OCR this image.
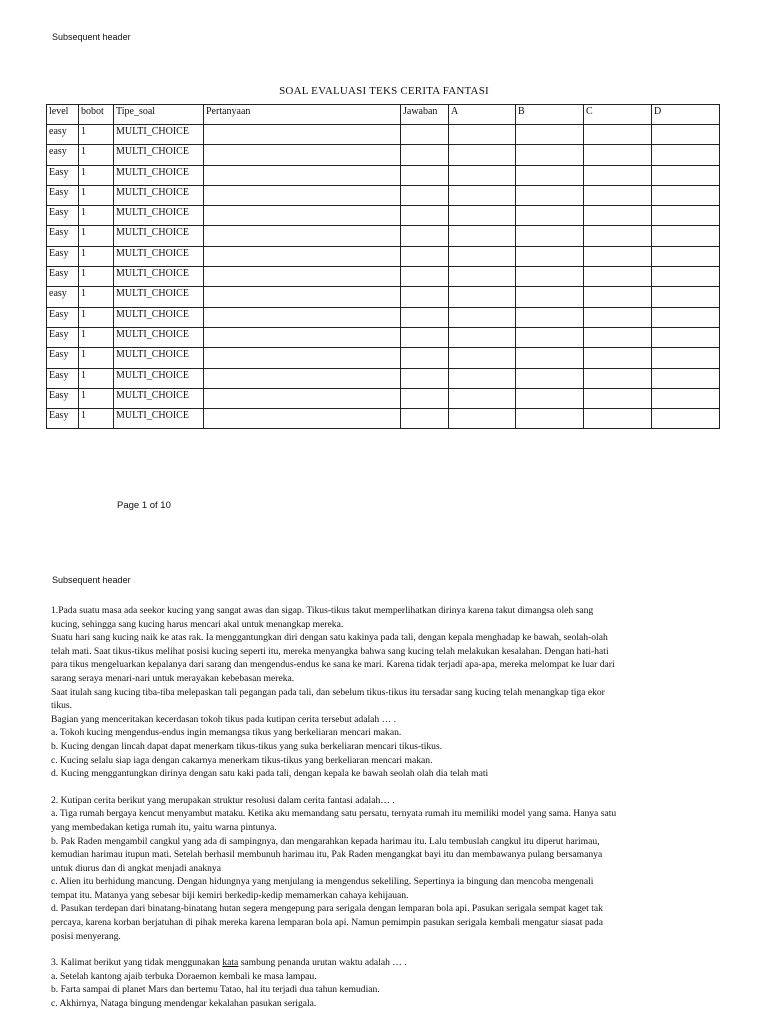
Subsequent header
SOAL EVALUASI TEKS CERITA FANTASI
level	bobot	Tipe_soal	Pertanyaan	Jawaban	A	B	C	D
easy	1	MULTI_CHOICE						
easy	1	MULTI_CHOICE						
Easy	1	MULTI_CHOICE						
Easy	1	MULTI_CHOICE						
Easy	1	MULTI_CHOICE						
Easy	1	MULTI_CHOICE						
Easy	1	MULTI_CHOICE						
Easy	1	MULTI_CHOICE						
easy	1	MULTI_CHOICE						
Easy	1	MULTI_CHOICE						
Easy	1	MULTI_CHOICE						
Easy	1	MULTI_CHOICE						
Easy	1	MULTI_CHOICE						
Easy	1	MULTI_CHOICE						
Easy	1	MULTI_CHOICE						
Page 1 of 10
Subsequent header

1.Pada suatu masa ada seekor kucing yang sangat awas dan sigap. Tikus-tikus takut memperlihatkan dirinya karena takut dimangsa oleh sang

kucing, sehingga sang kucing harus mencari akal untuk menangkap mereka.

Suatu hari sang kucing naik ke atas rak. Ia menggantungkan diri dengan satu kakinya pada tali, dengan kepala menghadap ke bawah, seolah-olah

telah mati. Saat tikus-tikus melihat posisi kucing seperti itu, mereka menyangka bahwa sang kucing telah melakukan kesalahan. Dengan hati-hati

para tikus mengeluarkan kepalanya dari sarang dan mengendus-endus ke sana ke mari. Karena tidak terjadi apa-apa, mereka melompat ke luar dari

sarang seraya menari-nari untuk merayakan kebebasan mereka.

Saat itulah sang kucing tiba-tiba melepaskan tali pegangan pada tali, dan sebelum tikus-tikus itu tersadar sang kucing telah menangkap tiga ekor

tikus.

Bagian yang menceritakan kecerdasan tokoh tikus pada kutipan cerita tersebut adalah … .

a. Tokoh kucing mengendus-endus ingin memangsa tikus yang berkeliaran mencari makan.

b. Kucing dengan lincah dapat dapat menerkam tikus-tikus yang suka berkeliaran mencari tikus-tikus.

c. Kucing selalu siap iaga dengan cakarnya menerkam tikus-tikus yang berkeliaran mencari makan.

d. Kucing menggantungkan dirinya dengan satu kaki pada tali, dengan kepala ke bawah seolah olah dia telah mati

2. Kutipan cerita berikut yang merupakan struktur resolusi dalam cerita fantasi adalah… .

a. Tiga rumah bergaya kencut menyambut mataku. Ketika aku memandang satu persatu, ternyata rumah itu memiliki model yang sama. Hanya satu

yang membedakan ketiga rumah itu, yaitu warna pintunya.

b. Pak Raden mengambil cangkul yang ada di sampingnya, dan mengarahkan kepada harimau itu. Lalu tembuslah cangkul itu diperut harimau,

kemudian harimau itupun mati. Setelah berhasil membunuh harimau itu, Pak Raden mengangkat bayi itu dan membawanya pulang bersamanya

untuk diurus dan di angkat menjadi anaknya

c. Alien itu berhidung mancung. Dengan hidungnya yang menjulang ia mengendus sekeliling. Sepertinya ia bingung dan mencoba mengenali

tempat itu. Matanya yang sebesar biji kemiri berkedip-kedip memamerkan cahaya kehijauan.

d. Pasukan terdepan dari binatang-binatang hutan segera mengepung para serigala dengan lemparan bola api. Pasukan serigala sempat kaget tak

percaya, karena korban berjatuhan di pihak mereka karena lemparan bola api. Namun pemimpin pasukan serigala kembali mengatur siasat pada

posisi menyerang.

3. Kalimat berikut yang tidak menggunakan kata sambung penanda urutan waktu adalah … .

a. Setelah kantong ajaib terbuka Doraemon kembali ke masa lampau.

b. Farta sampai di planet Mars dan bertemu Tatao, hal itu terjadi dua tahun kemudian.

c. Akhirnya, Nataga bingung mendengar kekalahan pasukan serigala.
